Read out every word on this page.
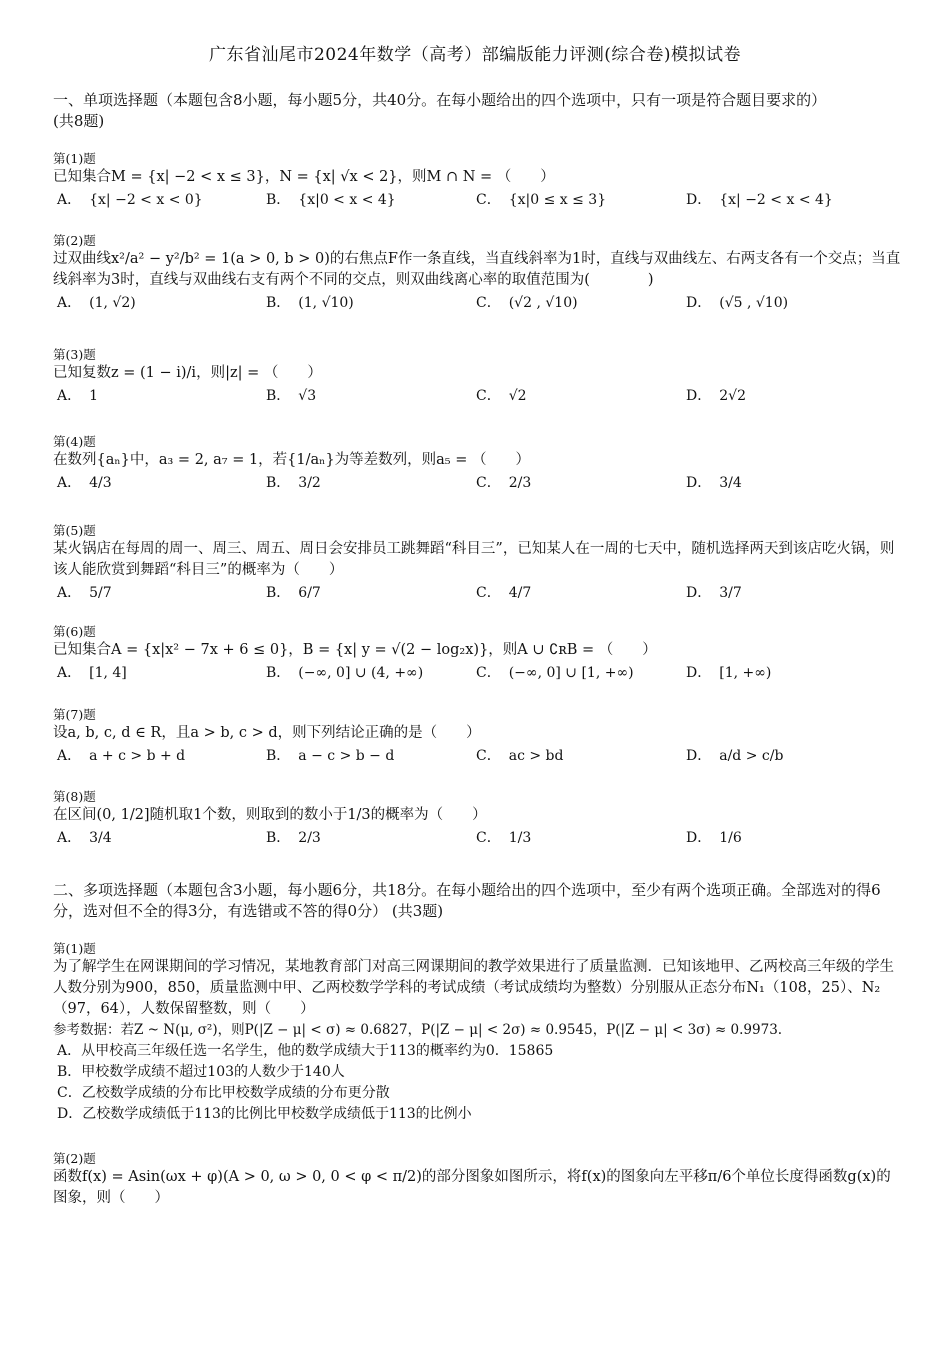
广东省汕尾市2024年数学（高考）部编版能力评测(综合卷)模拟试卷
一、单项选择题（本题包含8小题，每小题5分，共40分。在每小题给出的四个选项中，只有一项是符合题目要求的）
(共8题)
第(1)题
已知集合M = {x| −2 < x ≤ 3}，N = {x| √x < 2}，则M ∩ N = （　　）
A． {x| −2 < x < 0}	B． {x|0 < x < 4}	C． {x|0 ≤ x ≤ 3}	D． {x| −2 < x < 4}
第(2)题
过双曲线x²/a² − y²/b² = 1(a > 0, b > 0)的右焦点F作一条直线，当直线斜率为1时，直线与双曲线左、右两支各有一个交点；当直线斜率为3时，直线与双曲线右支有两个不同的交点，则双曲线离心率的取值范围为(　　　　)
A． (1, √2)	B． (1, √10)	C． (√2 , √10)	D． (√5 , √10)
第(3)题
已知复数z = (1 − i)/i，则|z| = （　　）
A． 1	B． √3	C． √2	D． 2√2
第(4)题
在数列{aₙ}中，a₃ = 2, a₇ = 1，若{1/aₙ}为等差数列，则a₅ = （　　）
A． 4/3	B． 3/2	C． 2/3	D． 3/4
第(5)题
某火锅店在每周的周一、周三、周五、周日会安排员工跳舞蹈“科目三”，已知某人在一周的七天中，随机选择两天到该店吃火锅，则该人能欣赏到舞蹈“科目三”的概率为（　　）
A． 5/7	B． 6/7	C． 4/7	D． 3/7
第(6)题
已知集合A = {x|x² − 7x + 6 ≤ 0}，B = {x| y = √(2 − log₂x)}，则A ∪ ∁ʀB = （　　）
A． [1, 4]	B． (−∞, 0] ∪ (4, +∞)	C． (−∞, 0] ∪ [1, +∞)	D． [1, +∞)
第(7)题
设a, b, c, d ∈ R，且a > b, c > d，则下列结论正确的是（　　）
A． a + c > b + d	B． a − c > b − d	C． ac > bd	D． a/d > c/b
第(8)题
在区间(0, 1/2]随机取1个数，则取到的数小于1/3的概率为（　　）
A． 3/4	B． 2/3	C． 1/3	D． 1/6
二、多项选择题（本题包含3小题，每小题6分，共18分。在每小题给出的四个选项中，至少有两个选项正确。全部选对的得6分，选对但不全的得3分，有选错或不答的得0分） (共3题)
第(1)题
为了解学生在网课期间的学习情况，某地教育部门对高三网课期间的教学效果进行了质量监测．已知该地甲、乙两校高三年级的学生人数分别为900，850，质量监测中甲、乙两校数学学科的考试成绩（考试成绩均为整数）分别服从正态分布N₁（108，25）、N₂（97，64），人数保留整数，则（　　）
参考数据：若Z ~ N(μ, σ²)，则P(|Z − μ| < σ) ≈ 0.6827，P(|Z − μ| < 2σ) ≈ 0.9545，P(|Z − μ| < 3σ) ≈ 0.9973.
A．从甲校高三年级任选一名学生，他的数学成绩大于113的概率约为0．15865
B．甲校数学成绩不超过103的人数少于140人
C．乙校数学成绩的分布比甲校数学成绩的分布更分散
D．乙校数学成绩低于113的比例比甲校数学成绩低于113的比例小
第(2)题
函数f(x) = Asin(ωx + φ)(A > 0, ω > 0, 0 < φ < π/2)的部分图象如图所示，将f(x)的图象向左平移π/6个单位长度得函数g(x)的图象，则（　　）
